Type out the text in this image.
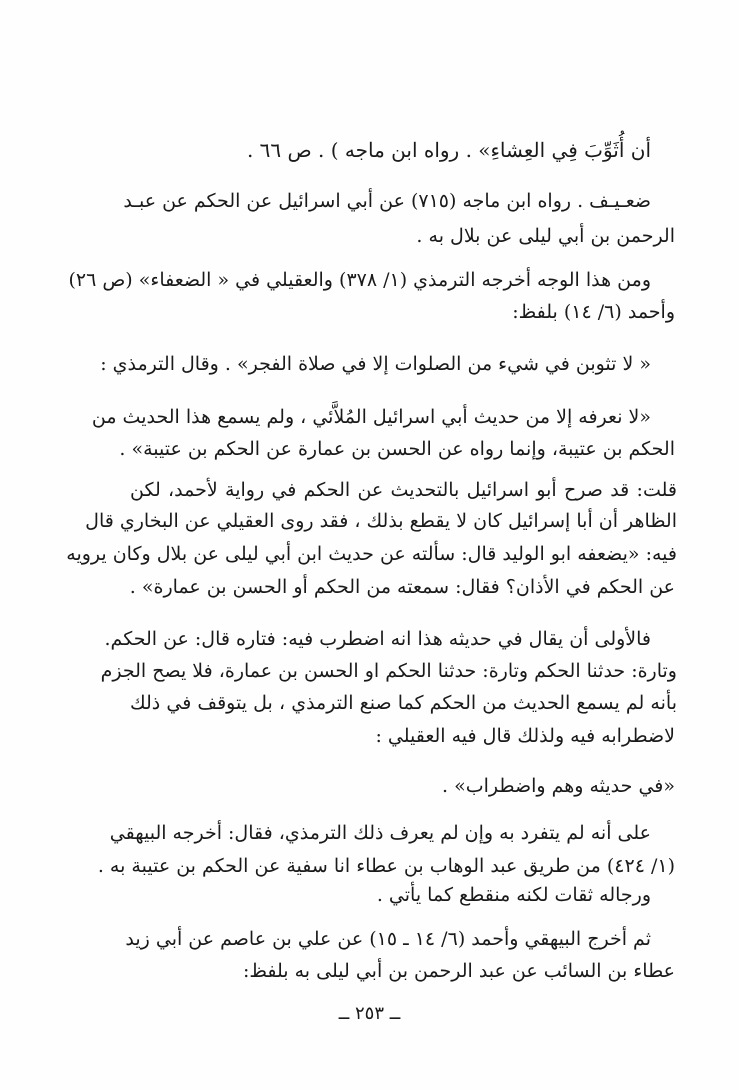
أن أُثَوِّبَ فِي العِشاءِ» . رواه ابن ماجه ) . ص ٦٦ .
ضعـيـف . رواه ابن ماجه (٧١٥) عن أبي اسرائيل عن الحكم عن عبـد
الرحمن بن أبي ليلى عن بلال به .
ومن هذا الوجه أخرجه الترمذي (١/ ٣٧٨) والعقيلي في « الضعفاء» (ص ٢٦)
وأحمد (٦/ ١٤) بلفظ:
« لا تثوبن في شيء من الصلوات إلا في صلاة الفجر» . وقال الترمذي :
«لا نعرفه إلا من حديث أبي اسرائيل المُلاَّئي ، ولم يسمع هذا الحديث من
الحكم بن عتيبة، وإنما رواه عن الحسن بن عمارة عن الحكم بن عتيبة» .
قلت: قد صرح أبو اسرائيل بالتحديث عن الحكم في رواية لأحمد، لكن
الظاهر أن أبا إسرائيل كان لا يقطع بذلك ، فقد روى العقيلي عن البخاري قال
فيه: «يضعفه ابو الوليد قال: سألته عن حديث ابن أبي ليلى عن بلال وكان يرويه
عن الحكم في الأذان؟ فقال: سمعته من الحكم أو الحسن بن عمارة» .
فالأولى أن يقال في حديثه هذا انه اضطرب فيه: فتاره قال: عن الحكم.
وتارة: حدثنا الحكم وتارة: حدثنا الحكم او الحسن بن عمارة، فلا يصح الجزم
بأنه لم يسمع الحديث من الحكم كما صنع الترمذي ، بل يتوقف في ذلك
لاضطرابه فيه ولذلك قال فيه العقيلي :
«في حديثه وهم واضطراب» .
على أنه لم يتفرد به وإن لم يعرف ذلك الترمذي، فقال: أخرجه البيهقي
(١/ ٤٢٤) من طريق عبد الوهاب بن عطاء انا سفية عن الحكم بن عتيبة به .
ورجاله ثقات لكنه منقطع كما يأتي .
ثم أخرج البيهقي وأحمد (٦/ ١٤ ـ ١٥) عن علي بن عاصم عن أبي زيد
عطاء بن السائب عن عبد الرحمن بن أبي ليلى به بلفظ:
ــ ٢٥٣ ــ
